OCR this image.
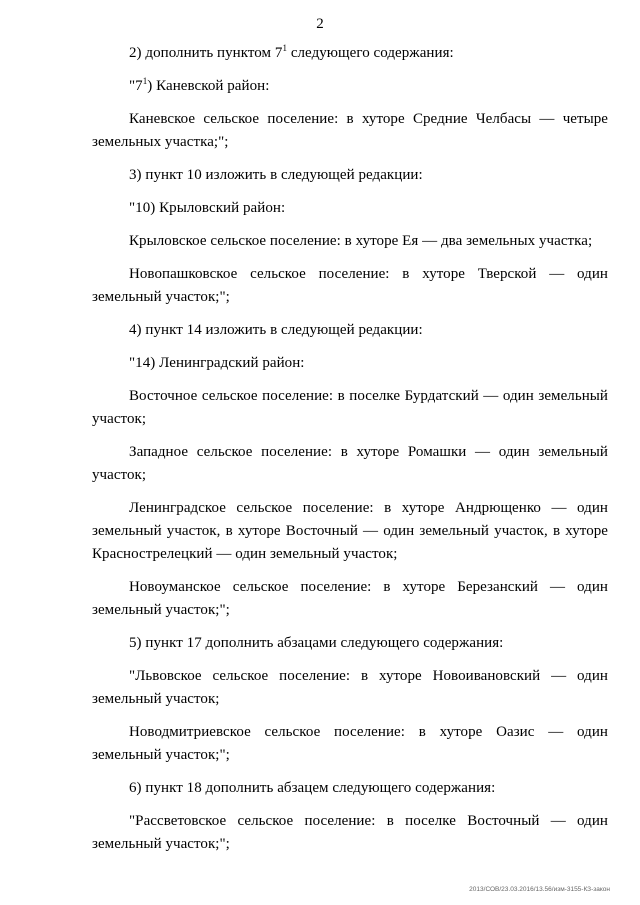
2

2) дополнить пунктом $7^1$ следующего содержания:

"$7^1$) Каневской район:

Каневское сельское поселение: в хуторе Средние Челбасы — четыре земельных участка;";

3) пункт 10 изложить в следующей редакции:

"10) Крыловский район:

Крыловское сельское поселение: в хуторе Ея — два земельных участка;

Новопашковское сельское поселение: в хуторе Тверской — один земельный участок;";

4) пункт 14 изложить в следующей редакции:

"14) Ленинградский район:

Восточное сельское поселение: в поселке Бурдатский — один земельный участок;

Западное сельское поселение: в хуторе Ромашки — один земельный участок;

Ленинградское сельское поселение: в хуторе Андрющенко — один земельный участок, в хуторе Восточный — один земельный участок, в хуторе Краснострелецкий — один земельный участок;

Новоуманское сельское поселение: в хуторе Березанский — один земельный участок;";

5) пункт 17 дополнить абзацами следующего содержания:

"Львовское сельское поселение: в хуторе Новоивановский — один земельный участок;

Новодмитриевское сельское поселение: в хуторе Оазис — один земельный участок;";

6) пункт 18 дополнить абзацем следующего содержания:

"Рассветовское сельское поселение: в поселке Восточный — один земельный участок;";

2013/СОВ/23.03.2016/13.56/изм-3155-КЗ-закон
